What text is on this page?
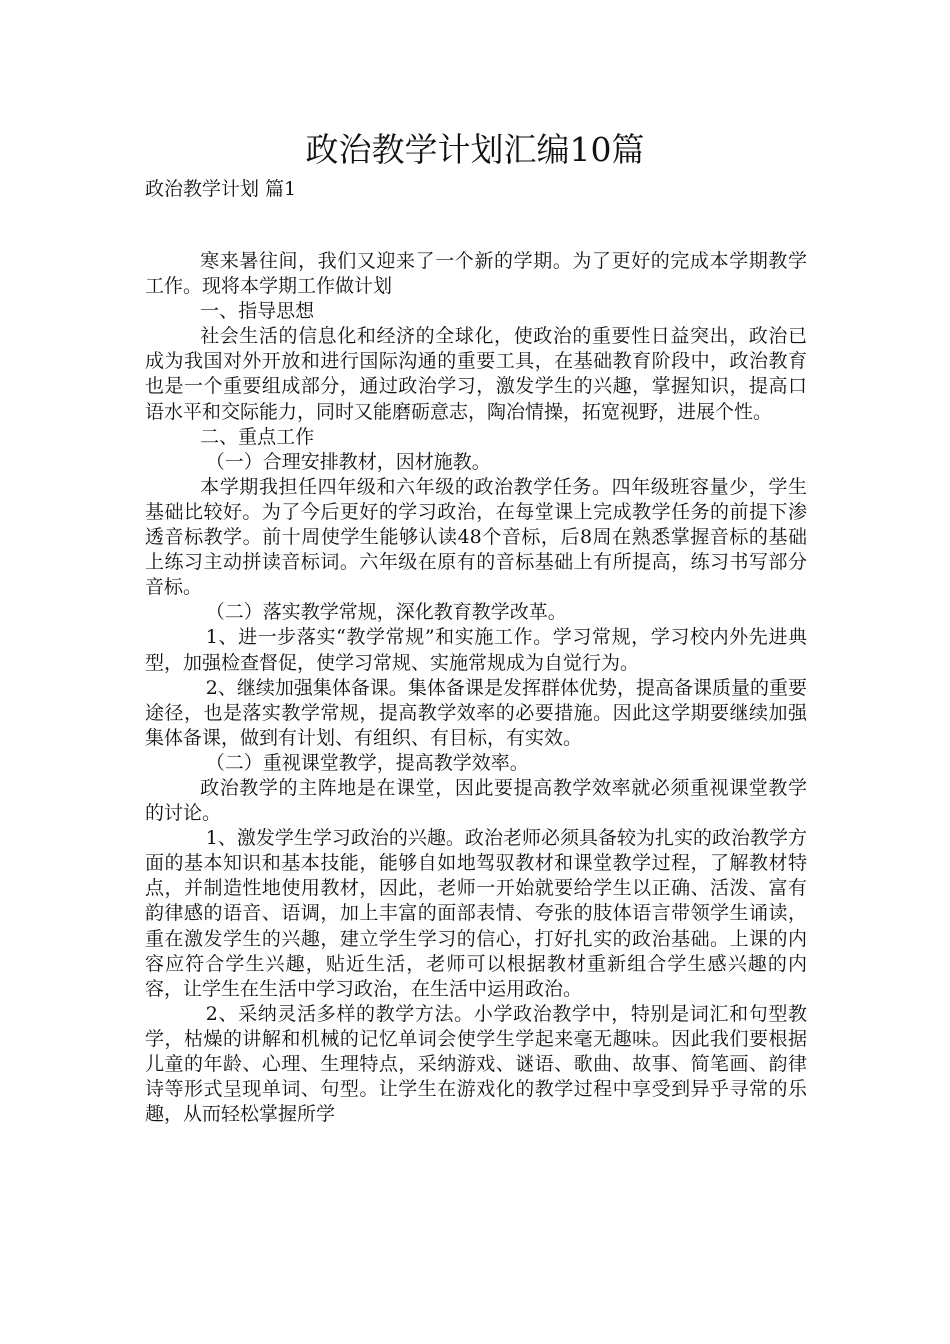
政治教学计划汇编10篇
政治教学计划 篇1

寒来暑往间，我们又迎来了一个新的学期。为了更好的完成本学期教学工作。现将本学期工作做计划

一、指导思想

社会生活的信息化和经济的全球化，使政治的重要性日益突出，政治已成为我国对外开放和进行国际沟通的重要工具，在基础教育阶段中，政治教育也是一个重要组成部分，通过政治学习，激发学生的兴趣，掌握知识，提高口语水平和交际能力，同时又能磨砺意志，陶冶情操，拓宽视野，进展个性。

二、重点工作

（一）合理安排教材，因材施教。

本学期我担任四年级和六年级的政治教学任务。四年级班容量少，学生基础比较好。为了今后更好的学习政治，在每堂课上完成教学任务的前提下渗透音标教学。前十周使学生能够认读48个音标，后8周在熟悉掌握音标的基础上练习主动拼读音标词。六年级在原有的音标基础上有所提高，练习书写部分音标。

（二）落实教学常规，深化教育教学改革。

1、进一步落实“教学常规”和实施工作。学习常规，学习校内外先进典型，加强检查督促，使学习常规、实施常规成为自觉行为。

2、继续加强集体备课。集体备课是发挥群体优势，提高备课质量的重要途径，也是落实教学常规，提高教学效率的必要措施。因此这学期要继续加强集体备课，做到有计划、有组织、有目标，有实效。

（二）重视课堂教学，提高教学效率。

政治教学的主阵地是在课堂，因此要提高教学效率就必须重视课堂教学的讨论。

1、激发学生学习政治的兴趣。政治老师必须具备较为扎实的政治教学方面的基本知识和基本技能，能够自如地驾驭教材和课堂教学过程，了解教材特点，并制造性地使用教材，因此，老师一开始就要给学生以正确、活泼、富有韵律感的语音、语调，加上丰富的面部表情、夸张的肢体语言带领学生诵读，重在激发学生的兴趣，建立学生学习的信心，打好扎实的政治基础。上课的内容应符合学生兴趣，贴近生活，老师可以根据教材重新组合学生感兴趣的内容，让学生在生活中学习政治，在生活中运用政治。

2、采纳灵活多样的教学方法。小学政治教学中，特别是词汇和句型教学，枯燥的讲解和机械的记忆单词会使学生学起来毫无趣味。因此我们要根据儿童的年龄、心理、生理特点，采纳游戏、谜语、歌曲、故事、简笔画、韵律诗等形式呈现单词、句型。让学生在游戏化的教学过程中享受到异乎寻常的乐趣，从而轻松掌握所学
